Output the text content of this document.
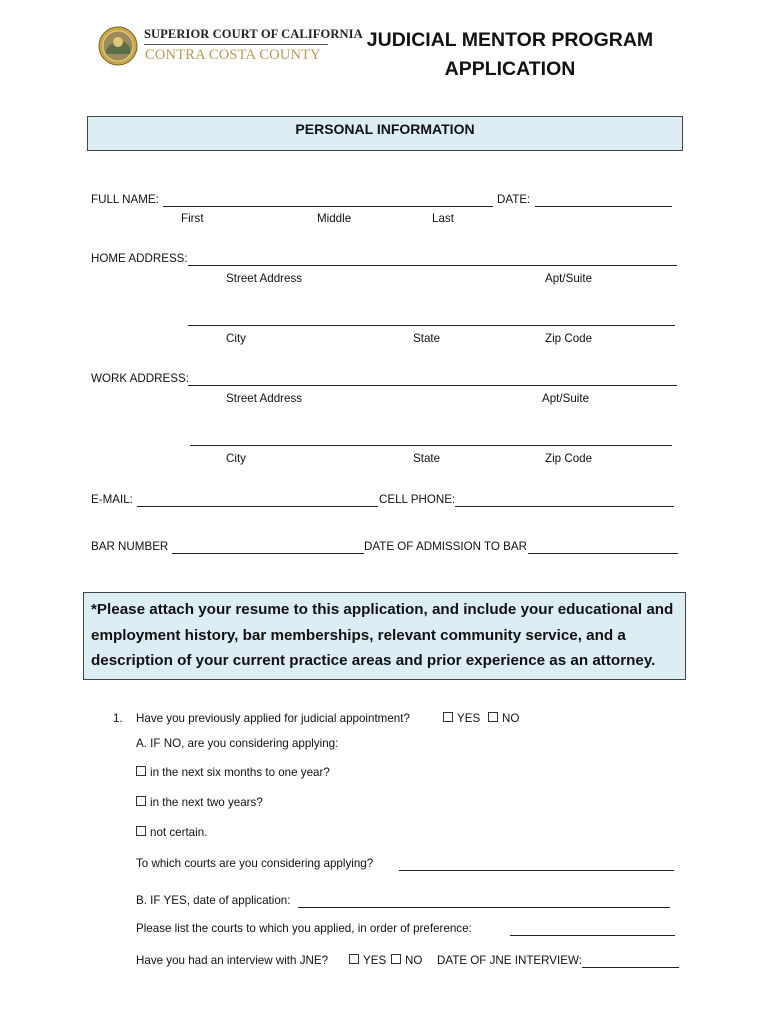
SUPERIOR COURT OF CALIFORNIA
CONTRA COSTA COUNTY
JUDICIAL MENTOR PROGRAM
APPLICATION
PERSONAL INFORMATION
FULL NAME:	DATE:
First	Middle	Last
HOME ADDRESS:
Street Address	Apt/Suite
City	State	Zip Code
WORK ADDRESS:
Street Address	Apt/Suite
City	State	Zip Code
E-MAIL:	CELL PHONE:
BAR NUMBER	DATE OF ADMISSION TO BAR
*Please attach your resume to this application, and include your educational and employment history, bar memberships, relevant community service, and a description of your current practice areas and prior experience as an attorney.
1. Have you previously applied for judicial appointment?	YES	NO
A. IF NO, are you considering applying:
in the next six months to one year?
in the next two years?
not certain.
To which courts are you considering applying?
B. IF YES, date of application:
Please list the courts to which you applied, in order of preference:
Have you had an interview with JNE?	YES	NO DATE OF JNE INTERVIEW:
